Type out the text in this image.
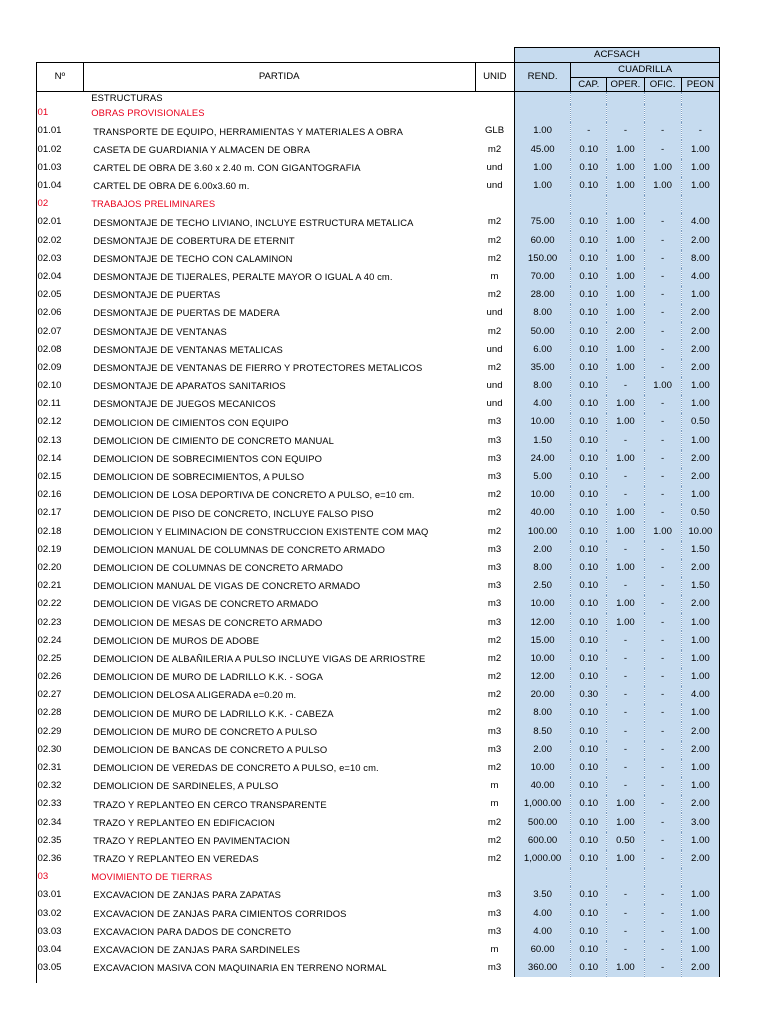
			ACFSACH				
Nº	PARTIDA	UNID	REND.	CUADRILLA			
				CAP.	OPER.	OFIC.	PEON
	ESTRUCTURAS						
01	OBRAS PROVISIONALES						
01.01	TRANSPORTE DE EQUIPO, HERRAMIENTAS Y MATERIALES A OBRA	GLB	1.00	-	-	-	-
01.02	CASETA DE GUARDIANIA Y ALMACEN DE OBRA	m2	45.00	0.10	1.00	-	1.00
01.03	CARTEL DE OBRA DE 3.60 x 2.40 m. CON GIGANTOGRAFIA	und	1.00	0.10	1.00	1.00	1.00
01.04	CARTEL DE OBRA DE 6.00x3.60 m.	und	1.00	0.10	1.00	1.00	1.00
02	TRABAJOS PRELIMINARES						
02.01	DESMONTAJE DE TECHO LIVIANO, INCLUYE ESTRUCTURA METALICA	m2	75.00	0.10	1.00	-	4.00
02.02	DESMONTAJE DE COBERTURA DE ETERNIT	m2	60.00	0.10	1.00	-	2.00
02.03	DESMONTAJE DE TECHO CON CALAMINON	m2	150.00	0.10	1.00	-	8.00
02.04	DESMONTAJE DE TIJERALES, PERALTE MAYOR O IGUAL A 40 cm.	m	70.00	0.10	1.00	-	4.00
02.05	DESMONTAJE DE PUERTAS	m2	28.00	0.10	1.00	-	1.00
02.06	DESMONTAJE DE PUERTAS DE MADERA	und	8.00	0.10	1.00	-	2.00
02.07	DESMONTAJE DE VENTANAS	m2	50.00	0.10	2.00	-	2.00
02.08	DESMONTAJE DE VENTANAS METALICAS	und	6.00	0.10	1.00	-	2.00
02.09	DESMONTAJE DE VENTANAS DE FIERRO Y PROTECTORES METALICOS	m2	35.00	0.10	1.00	-	2.00
02.10	DESMONTAJE DE APARATOS SANITARIOS	und	8.00	0.10	-	1.00	1.00
02.11	DESMONTAJE DE JUEGOS MECANICOS	und	4.00	0.10	1.00	-	1.00
02.12	DEMOLICION DE CIMIENTOS CON EQUIPO	m3	10.00	0.10	1.00	-	0.50
02.13	DEMOLICION DE CIMIENTO DE CONCRETO MANUAL	m3	1.50	0.10	-	-	1.00
02.14	DEMOLICION DE SOBRECIMIENTOS CON EQUIPO	m3	24.00	0.10	1.00	-	2.00
02.15	DEMOLICION DE SOBRECIMIENTOS, A PULSO	m3	5.00	0.10	-	-	2.00
02.16	DEMOLICION DE LOSA DEPORTIVA DE CONCRETO A PULSO, e=10 cm.	m2	10.00	0.10	-	-	1.00
02.17	DEMOLICION DE PISO DE CONCRETO, INCLUYE FALSO PISO	m2	40.00	0.10	1.00	-	0.50
02.18	DEMOLICION Y ELIMINACION DE CONSTRUCCION EXISTENTE COM MAQ	m2	100.00	0.10	1.00	1.00	10.00
02.19	DEMOLICION MANUAL DE COLUMNAS DE CONCRETO ARMADO	m3	2.00	0.10	-	-	1.50
02.20	DEMOLICION DE COLUMNAS DE CONCRETO ARMADO	m3	8.00	0.10	1.00	-	2.00
02.21	DEMOLICION MANUAL DE VIGAS DE CONCRETO ARMADO	m3	2.50	0.10	-	-	1.50
02.22	DEMOLICION DE VIGAS DE CONCRETO ARMADO	m3	10.00	0.10	1.00	-	2.00
02.23	DEMOLICION DE MESAS DE CONCRETO ARMADO	m3	12.00	0.10	1.00	-	1.00
02.24	DEMOLICION DE MUROS DE ADOBE	m2	15.00	0.10	-	-	1.00
02.25	DEMOLICION DE ALBAÑILERIA A PULSO INCLUYE VIGAS DE ARRIOSTRE	m2	10.00	0.10	-	-	1.00
02.26	DEMOLICION DE MURO DE LADRILLO K.K. - SOGA	m2	12.00	0.10	-	-	1.00
02.27	DEMOLICION DELOSA ALIGERADA e=0.20 m.	m2	20.00	0.30	-	-	4.00
02.28	DEMOLICION DE MURO DE LADRILLO K.K. - CABEZA	m2	8.00	0.10	-	-	1.00
02.29	DEMOLICION DE MURO DE CONCRETO A PULSO	m3	8.50	0.10	-	-	2.00
02.30	DEMOLICION DE BANCAS DE CONCRETO A PULSO	m3	2.00	0.10	-	-	2.00
02.31	DEMOLICION DE VEREDAS DE CONCRETO A PULSO, e=10 cm.	m2	10.00	0.10	-	-	1.00
02.32	DEMOLICION DE SARDINELES, A PULSO	m	40.00	0.10	-	-	1.00
02.33	TRAZO Y REPLANTEO EN CERCO TRANSPARENTE	m	1,000.00	0.10	1.00	-	2.00
02.34	TRAZO Y REPLANTEO EN EDIFICACION	m2	500.00	0.10	1.00	-	3.00
02.35	TRAZO Y REPLANTEO EN PAVIMENTACION	m2	600.00	0.10	0.50	-	1.00
02.36	TRAZO Y REPLANTEO EN VEREDAS	m2	1,000.00	0.10	1.00	-	2.00
03	MOVIMIENTO DE TIERRAS						
03.01	EXCAVACION DE ZANJAS PARA ZAPATAS	m3	3.50	0.10	-	-	1.00
03.02	EXCAVACION DE ZANJAS PARA CIMIENTOS CORRIDOS	m3	4.00	0.10	-	-	1.00
03.03	EXCAVACION PARA DADOS DE CONCRETO	m3	4.00	0.10	-	-	1.00
03.04	EXCAVACION DE ZANJAS PARA SARDINELES	m	60.00	0.10	-	-	1.00
03.05	EXCAVACION MASIVA CON MAQUINARIA EN TERRENO NORMAL	m3	360.00	0.10	1.00	-	2.00
